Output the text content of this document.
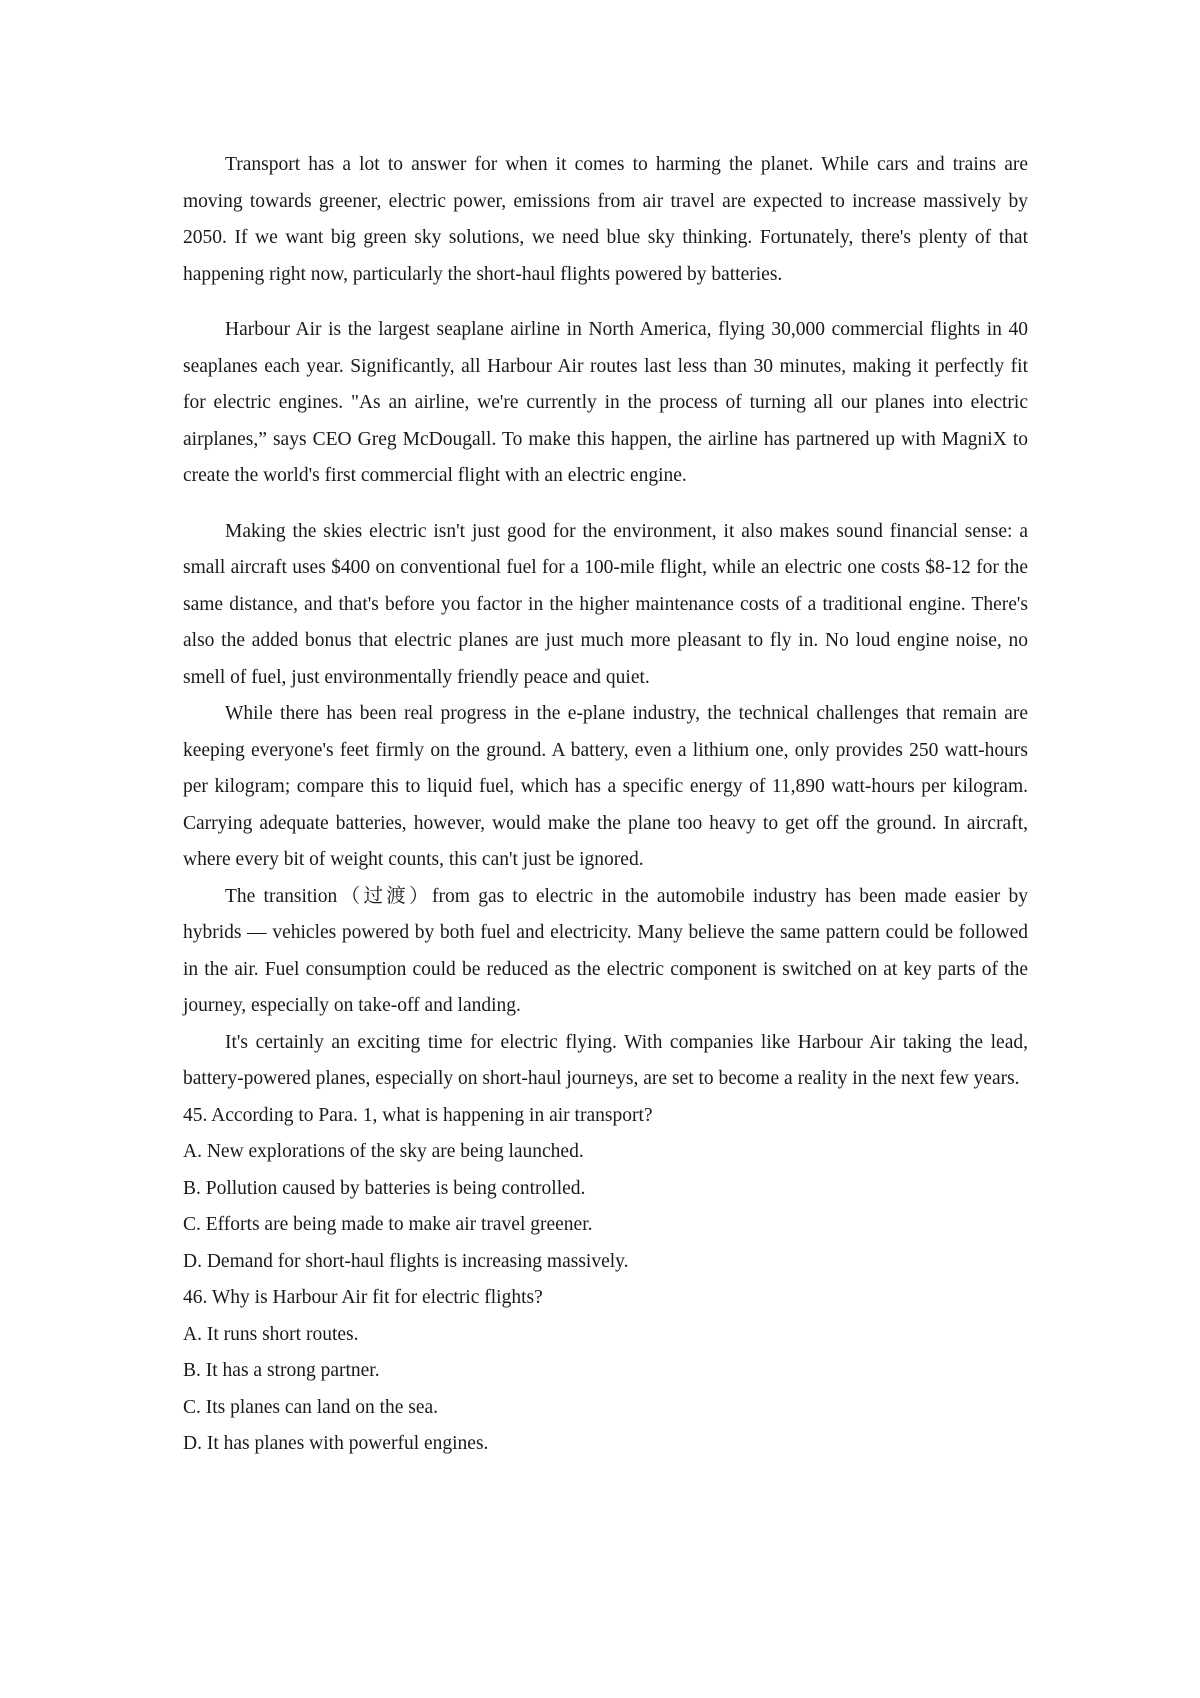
Transport has a lot to answer for when it comes to harming the planet. While cars and trains are moving towards greener, electric power, emissions from air travel are expected to increase massively by 2050. If we want big green sky solutions, we need blue sky thinking. Fortunately, there's plenty of that happening right now, particularly the short-haul flights powered by batteries.

Harbour Air is the largest seaplane airline in North America, flying 30,000 commercial flights in 40 seaplanes each year. Significantly, all Harbour Air routes last less than 30 minutes, making it perfectly fit for electric engines. "As an airline, we're currently in the process of turning all our planes into electric airplanes,” says CEO Greg McDougall. To make this happen, the airline has partnered up with MagniX to create the world's first commercial flight with an electric engine.

Making the skies electric isn't just good for the environment, it also makes sound financial sense: a small aircraft uses $400 on conventional fuel for a 100-mile flight, while an electric one costs $8-12 for the same distance, and that's before you factor in the higher maintenance costs of a traditional engine. There's also the added bonus that electric planes are just much more pleasant to fly in. No loud engine noise, no smell of fuel, just environmentally friendly peace and quiet.

While there has been real progress in the e-plane industry, the technical challenges that remain are keeping everyone's feet firmly on the ground. A battery, even a lithium one, only provides 250 watt-hours per kilogram; compare this to liquid fuel, which has a specific energy of 11,890 watt-hours per kilogram. Carrying adequate batteries, however, would make the plane too heavy to get off the ground. In aircraft, where every bit of weight counts, this can't just be ignored.

The transition（过渡）from gas to electric in the automobile industry has been made easier by hybrids — vehicles powered by both fuel and electricity. Many believe the same pattern could be followed in the air. Fuel consumption could be reduced as the electric component is switched on at key parts of the journey, especially on take-off and landing.

It's certainly an exciting time for electric flying. With companies like Harbour Air taking the lead, battery-powered planes, especially on short-haul journeys, are set to become a reality in the next few years.

45. According to Para. 1, what is happening in air transport?

A. New explorations of the sky are being launched.

B. Pollution caused by batteries is being controlled.

C. Efforts are being made to make air travel greener.

D. Demand for short-haul flights is increasing massively.

46. Why is Harbour Air fit for electric flights?

A. It runs short routes.

B. It has a strong partner.

C. Its planes can land on the sea.

D. It has planes with powerful engines.
